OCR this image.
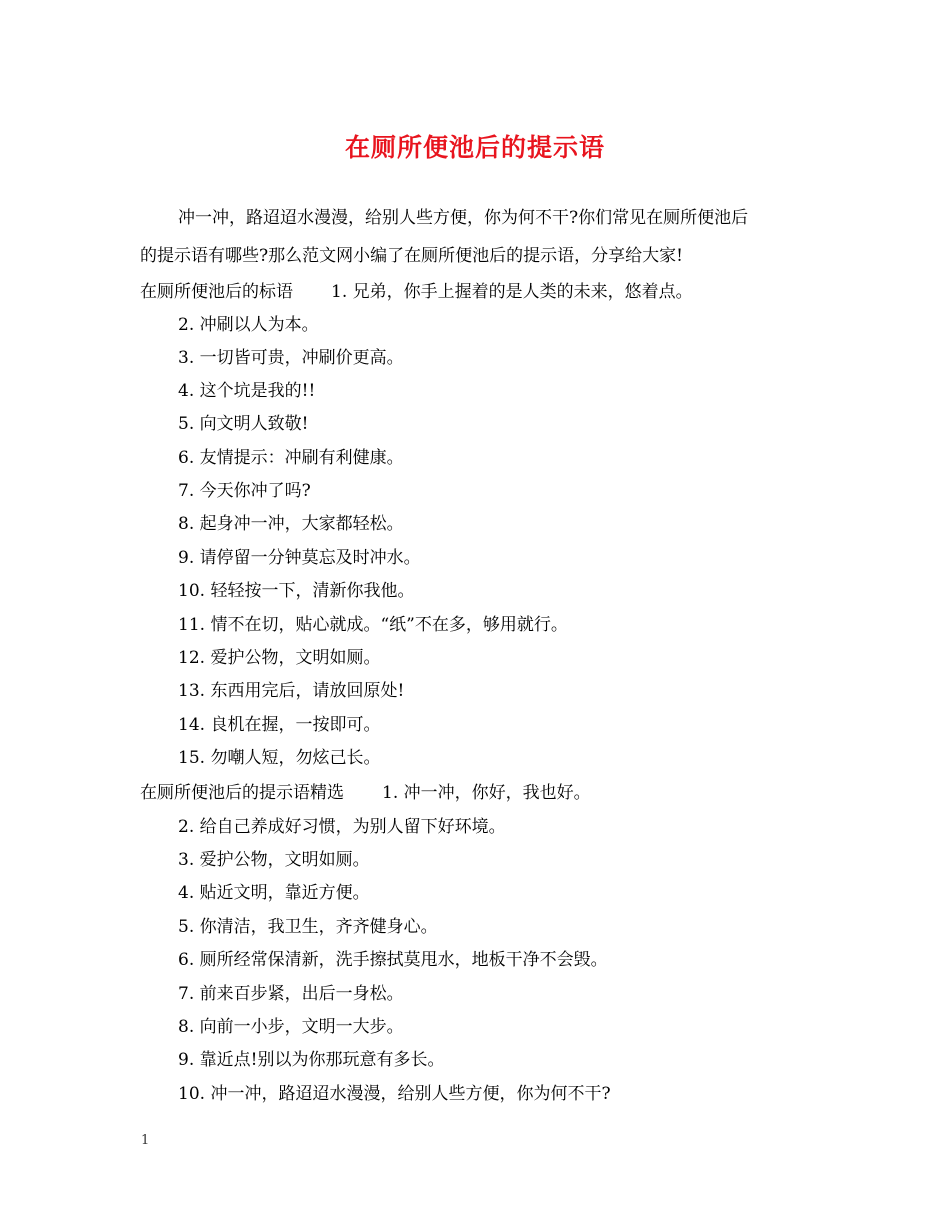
在厕所便池后的提示语
冲一冲，路迢迢水漫漫，给别人些方便，你为何不干?你们常见在厕所便池后
的提示语有哪些?那么范文网小编了在厕所便池后的提示语，分享给大家!
在厕所便池后的标语 1. 兄弟，你手上握着的是人类的未来，悠着点。
2. 冲刷以人为本。
3. 一切皆可贵，冲刷价更高。
4. 这个坑是我的!!
5. 向文明人致敬!
6. 友情提示：冲刷有利健康。
7. 今天你冲了吗?
8. 起身冲一冲，大家都轻松。
9. 请停留一分钟莫忘及时冲水。
10. 轻轻按一下，清新你我他。
11. 情不在切，贴心就成。“纸”不在多，够用就行。
12. 爱护公物，文明如厕。
13. 东西用完后，请放回原处!
14. 良机在握，一按即可。
15. 勿嘲人短，勿炫己长。
在厕所便池后的提示语精选 1. 冲一冲，你好，我也好。
2. 给自己养成好习惯，为别人留下好环境。
3. 爱护公物，文明如厕。
4. 贴近文明，靠近方便。
5. 你清洁，我卫生，齐齐健身心。
6. 厕所经常保清新，洗手擦拭莫甩水，地板干净不会毁。
7. 前来百步紧，出后一身松。
8. 向前一小步，文明一大步。
9. 靠近点!别以为你那玩意有多长。
10. 冲一冲，路迢迢水漫漫，给别人些方便，你为何不干?
1
